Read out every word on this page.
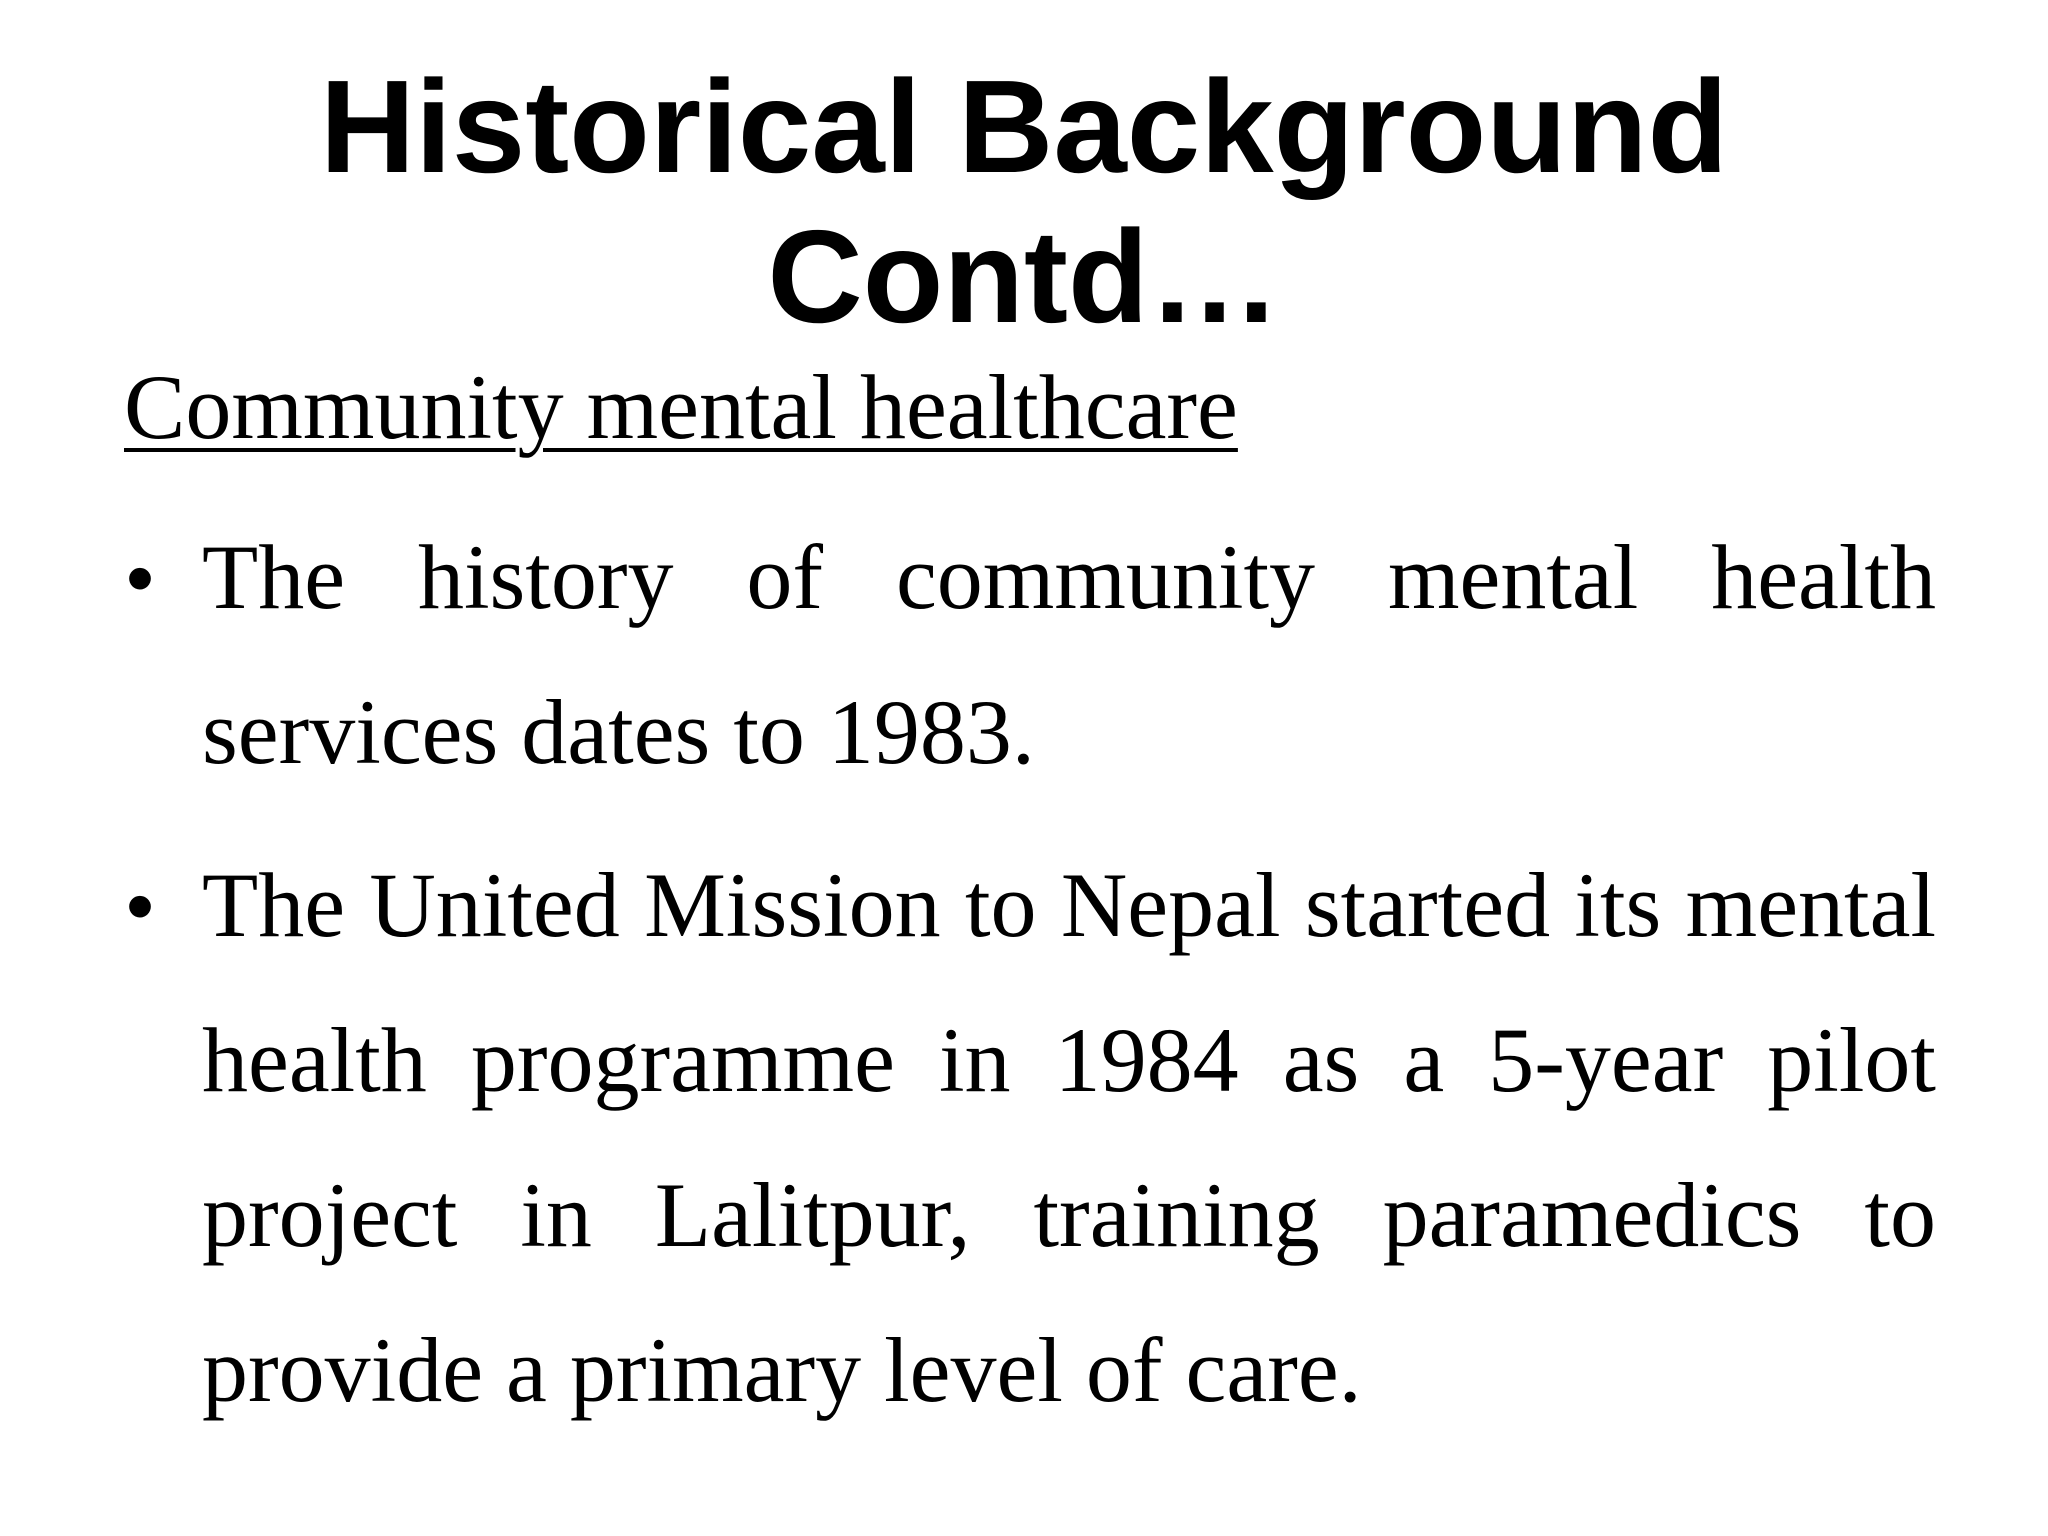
Historical Background
Contd…

Community mental healthcare

• The history of community mental health services dates to 1983.
• The United Mission to Nepal started its mental health programme in 1984 as a 5-year pilot project in Lalitpur, training paramedics to provide a primary level of care.
